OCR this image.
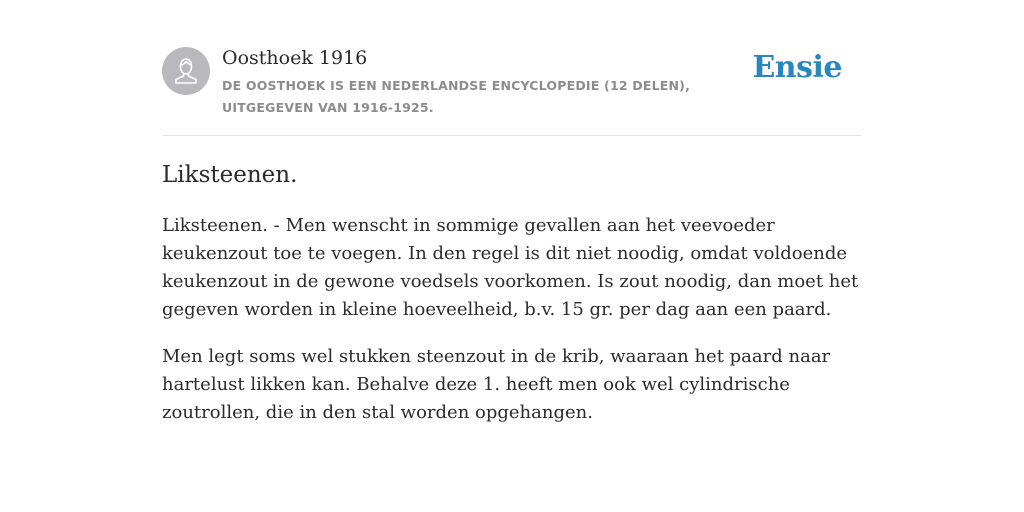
Oosthoek 1916
DE OOSTHOEK IS EEN NEDERLANDSE ENCYCLOPEDIE (12 DELEN), UITGEGEVEN VAN 1916-1925.
Ensie
Liksteenen.

Liksteenen. - Men wenscht in sommige gevallen aan het veevoeder keukenzout toe te voegen. In den regel is dit niet noodig, omdat voldoende keukenzout in de gewone voedsels voorkomen. Is zout noodig, dan moet het gegeven worden in kleine hoeveelheid, b.v. 15 gr. per dag aan een paard.

Men legt soms wel stukken steenzout in de krib, waaraan het paard naar hartelust likken kan. Behalve deze 1. heeft men ook wel cylindrische zoutrollen, die in den stal worden opgehangen.
